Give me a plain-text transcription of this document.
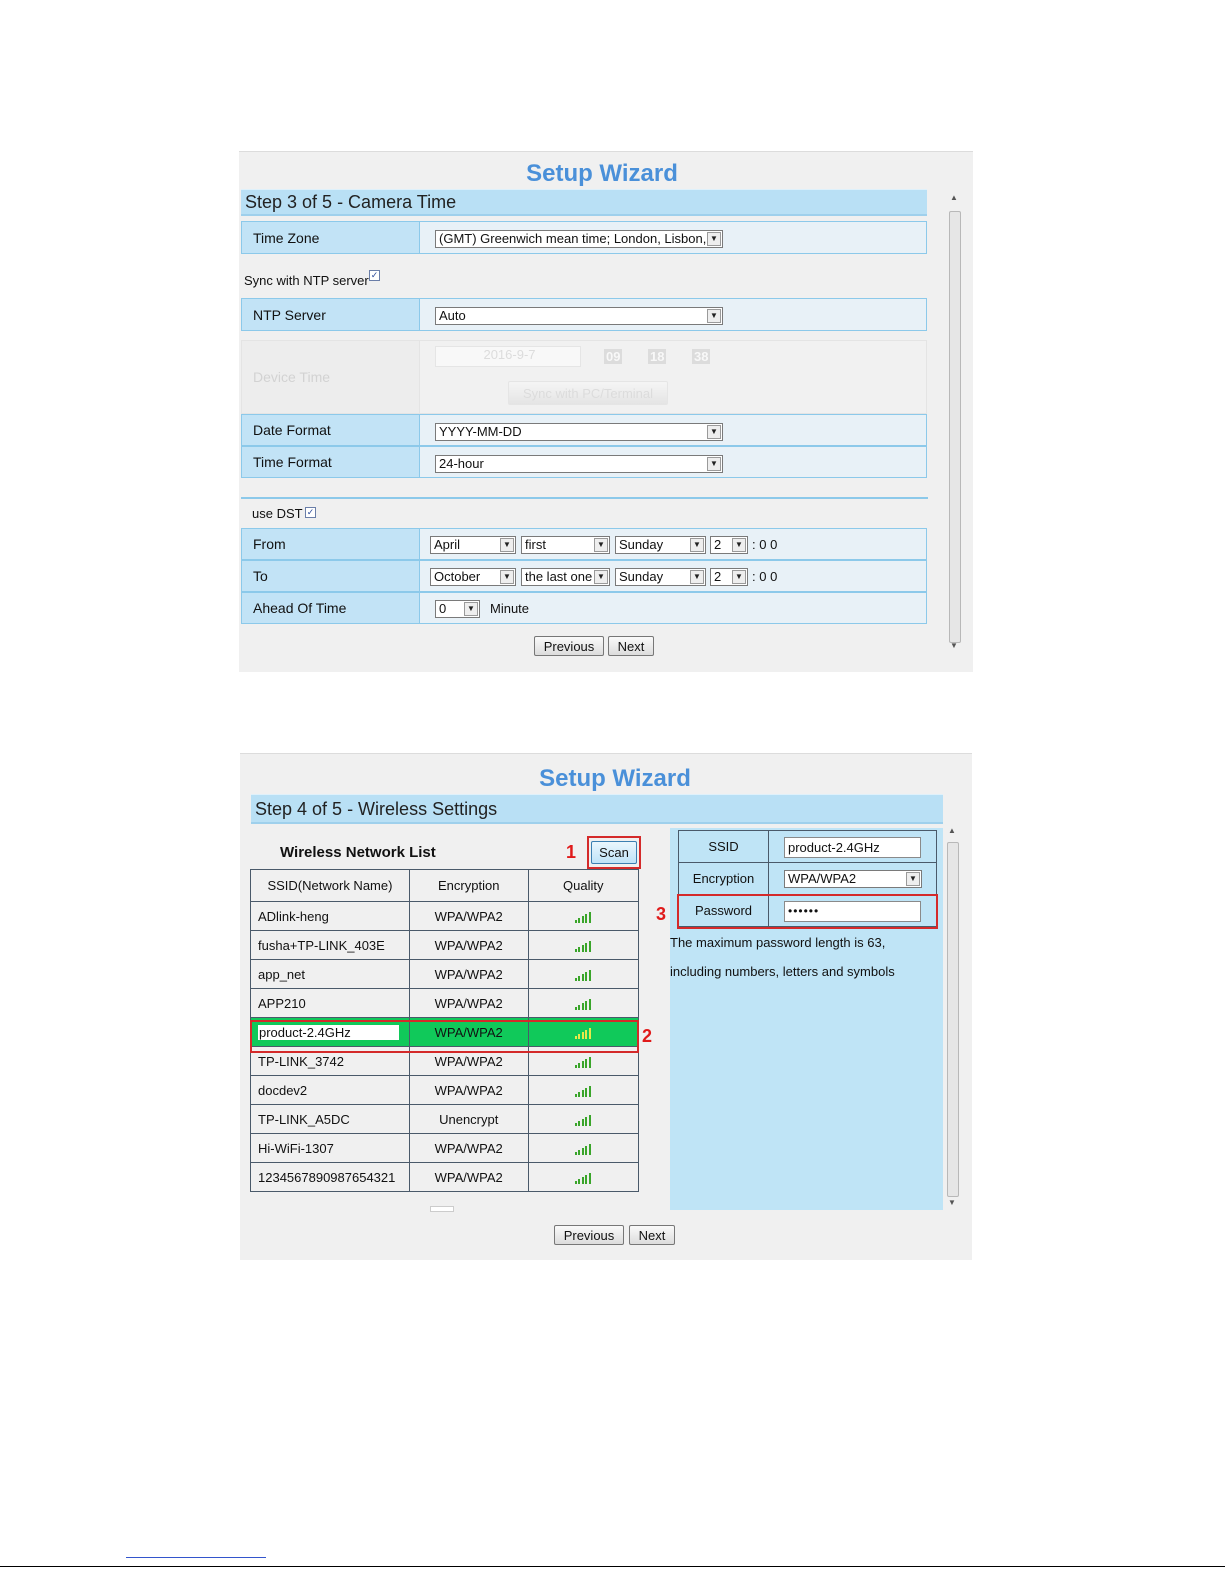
Setup Wizard
Step 3 of 5 - Camera Time
Time Zone	(GMT) Greenwich mean time; London, Lisbon, ▼
Sync with NTP server ✓
NTP Server	Auto	▼
Device Time
2016-9-7	09 18 38
Sync with PC/Terminal
Date Format	YYYY-MM-DD	▼
Time Format	24-hour	▼
use DST ✓
From	April	▼	first	▼	Sunday	▼	2	▼ : 0 0
To	October	▼	the last one ▼	Sunday	▼	2	▼ : 0 0
Ahead Of Time	0	▼ Minute
Previous	Next
▲
▼
Setup Wizard
Step 4 of 5 - Wireless Settings
Wireless Network List	1	Scan
SSID(Network Name)	Encryption	Quality
ADlink-heng	WPA/WPA2	

fusha+TP-LINK_403E	WPA/WPA2	

app_net	WPA/WPA2	

APP210	WPA/WPA2	

product-2.4GHz	WPA/WPA2	

TP-LINK_3742	WPA/WPA2	

docdev2	WPA/WPA2	

TP-LINK_A5DC	Unencrypt	

Hi-WiFi-1307	WPA/WPA2	

1234567890987654321	WPA/WPA2	
2
SSID	product-2.4GHz

Encryption	WPA/WPA2 ▼

Password	••••••
3
The maximum password length is 63,
including numbers, letters and symbols
Previous	Next
▲
▼
